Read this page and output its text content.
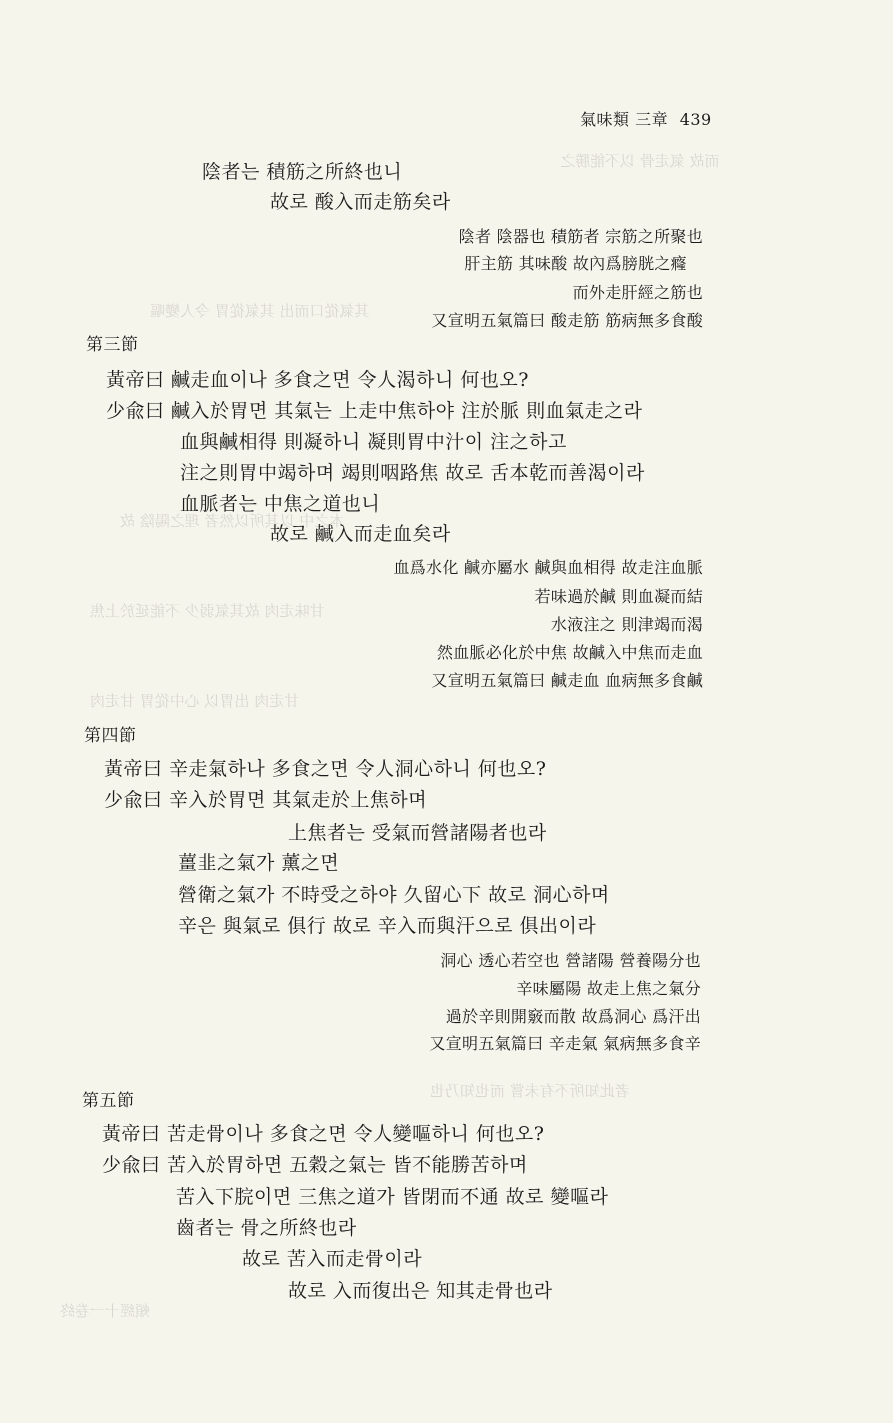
而故 氣走骨 以不能勝之
其氣從口而出 其氣從胃 令人變嘔
本之中 以其所以然者 理之陽陰 故
甘味走肉 故其氣弱少 不能延於上焦
甘走肉 出胃以 心中從胃 甘走肉
者此知所不有未嘗 而也知乃也
頰經十一卷終
氣味類 三章 439
陰者는 積筋之所終也니
故로 酸入而走筋矣라
陰者 陰器也 積筋者 宗筋之所聚也
肝主筋 其味酸 故內爲膀胱之癃
而外走肝經之筋也
又宣明五氣篇曰 酸走筋 筋病無多食酸
第三節
黃帝曰 鹹走血이나 多食之면 令人渴하니 何也오?
少兪曰 鹹入於胃면 其氣는 上走中焦하야 注於脈 則血氣走之라
血與鹹相得 則凝하니 凝則胃中汁이 注之하고
注之則胃中竭하며 竭則咽路焦 故로 舌本乾而善渴이라
血脈者는 中焦之道也니
故로 鹹入而走血矣라
血爲水化 鹹亦屬水 鹹與血相得 故走注血脈
若味過於鹹 則血凝而結
水液注之 則津竭而渴
然血脈必化於中焦 故鹹入中焦而走血
又宣明五氣篇曰 鹹走血 血病無多食鹹
第四節
黃帝曰 辛走氣하나 多食之면 令人洞心하니 何也오?
少兪曰 辛入於胃면 其氣走於上焦하며
上焦者는 受氣而營諸陽者也라
薑韭之氣가 薰之면
營衛之氣가 不時受之하야 久留心下 故로 洞心하며
辛은 與氣로 俱行 故로 辛入而與汗으로 俱出이라
洞心 透心若空也 營諸陽 營養陽分也
辛味屬陽 故走上焦之氣分
過於辛則開竅而散 故爲洞心 爲汗出
又宣明五氣篇曰 辛走氣 氣病無多食辛
第五節
黃帝曰 苦走骨이나 多食之면 令人變嘔하니 何也오?
少兪曰 苦入於胃하면 五穀之氣는 皆不能勝苦하며
苦入下脘이면 三焦之道가 皆閉而不通 故로 變嘔라
齒者는 骨之所終也라
故로 苦入而走骨이라
故로 入而復出은 知其走骨也라
